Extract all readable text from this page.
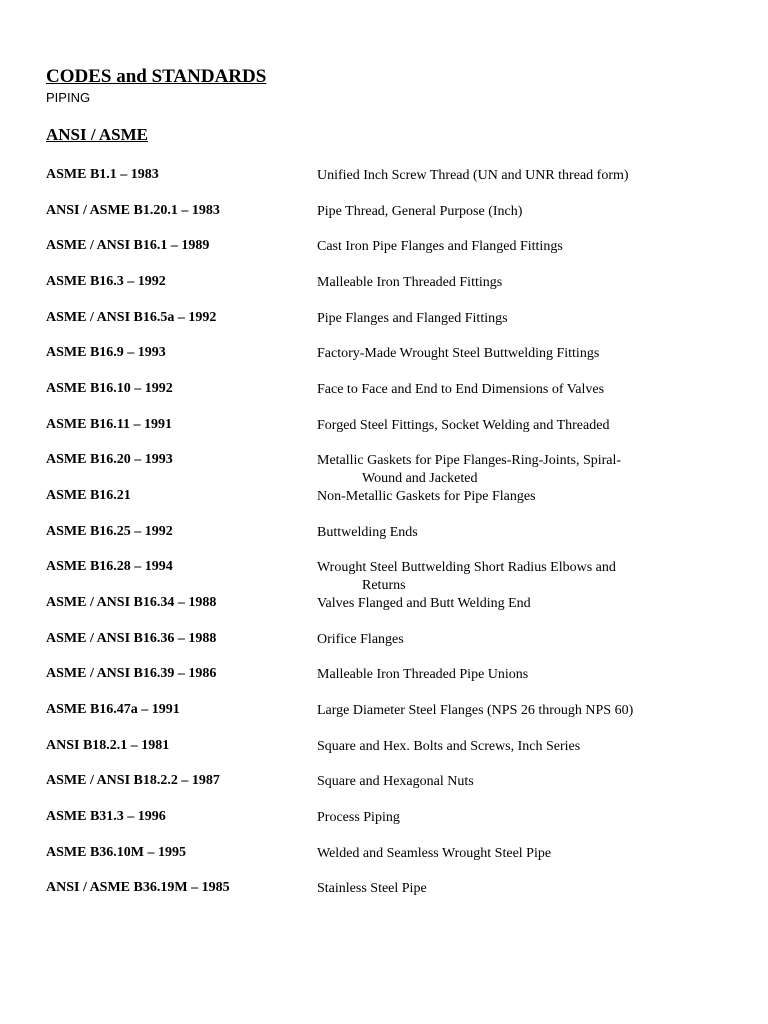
CODES and STANDARDS
PIPING
ANSI / ASME
ASME B1.1 – 1983	Unified Inch Screw Thread (UN and UNR thread form)
ANSI / ASME B1.20.1 – 1983	Pipe Thread, General Purpose (Inch)
ASME / ANSI B16.1 – 1989	Cast Iron Pipe Flanges and Flanged Fittings
ASME B16.3 – 1992	Malleable Iron Threaded Fittings
ASME / ANSI B16.5a – 1992	Pipe Flanges and Flanged Fittings
ASME B16.9 – 1993	Factory-Made Wrought Steel Buttwelding Fittings
ASME B16.10 – 1992	Face to Face and End to End Dimensions of Valves
ASME B16.11 – 1991	Forged Steel Fittings, Socket Welding and Threaded
ASME B16.20 – 1993	Metallic Gaskets for Pipe Flanges-Ring-Joints, Spiral-
Wound and Jacketed
ASME B16.21	Non-Metallic Gaskets for Pipe Flanges
ASME B16.25 – 1992	Buttwelding Ends
ASME B16.28 – 1994	Wrought Steel Buttwelding Short Radius Elbows and
Returns
ASME / ANSI B16.34 – 1988	Valves Flanged and Butt Welding End
ASME / ANSI B16.36 – 1988	Orifice Flanges
ASME / ANSI B16.39 – 1986	Malleable Iron Threaded Pipe Unions
ASME B16.47a – 1991	Large Diameter Steel Flanges (NPS 26 through NPS 60)
ANSI B18.2.1 – 1981	Square and Hex. Bolts and Screws, Inch Series
ASME / ANSI B18.2.2 – 1987	Square and Hexagonal Nuts
ASME B31.3 – 1996	Process Piping
ASME B36.10M – 1995	Welded and Seamless Wrought Steel Pipe
ANSI / ASME B36.19M – 1985	Stainless Steel Pipe
